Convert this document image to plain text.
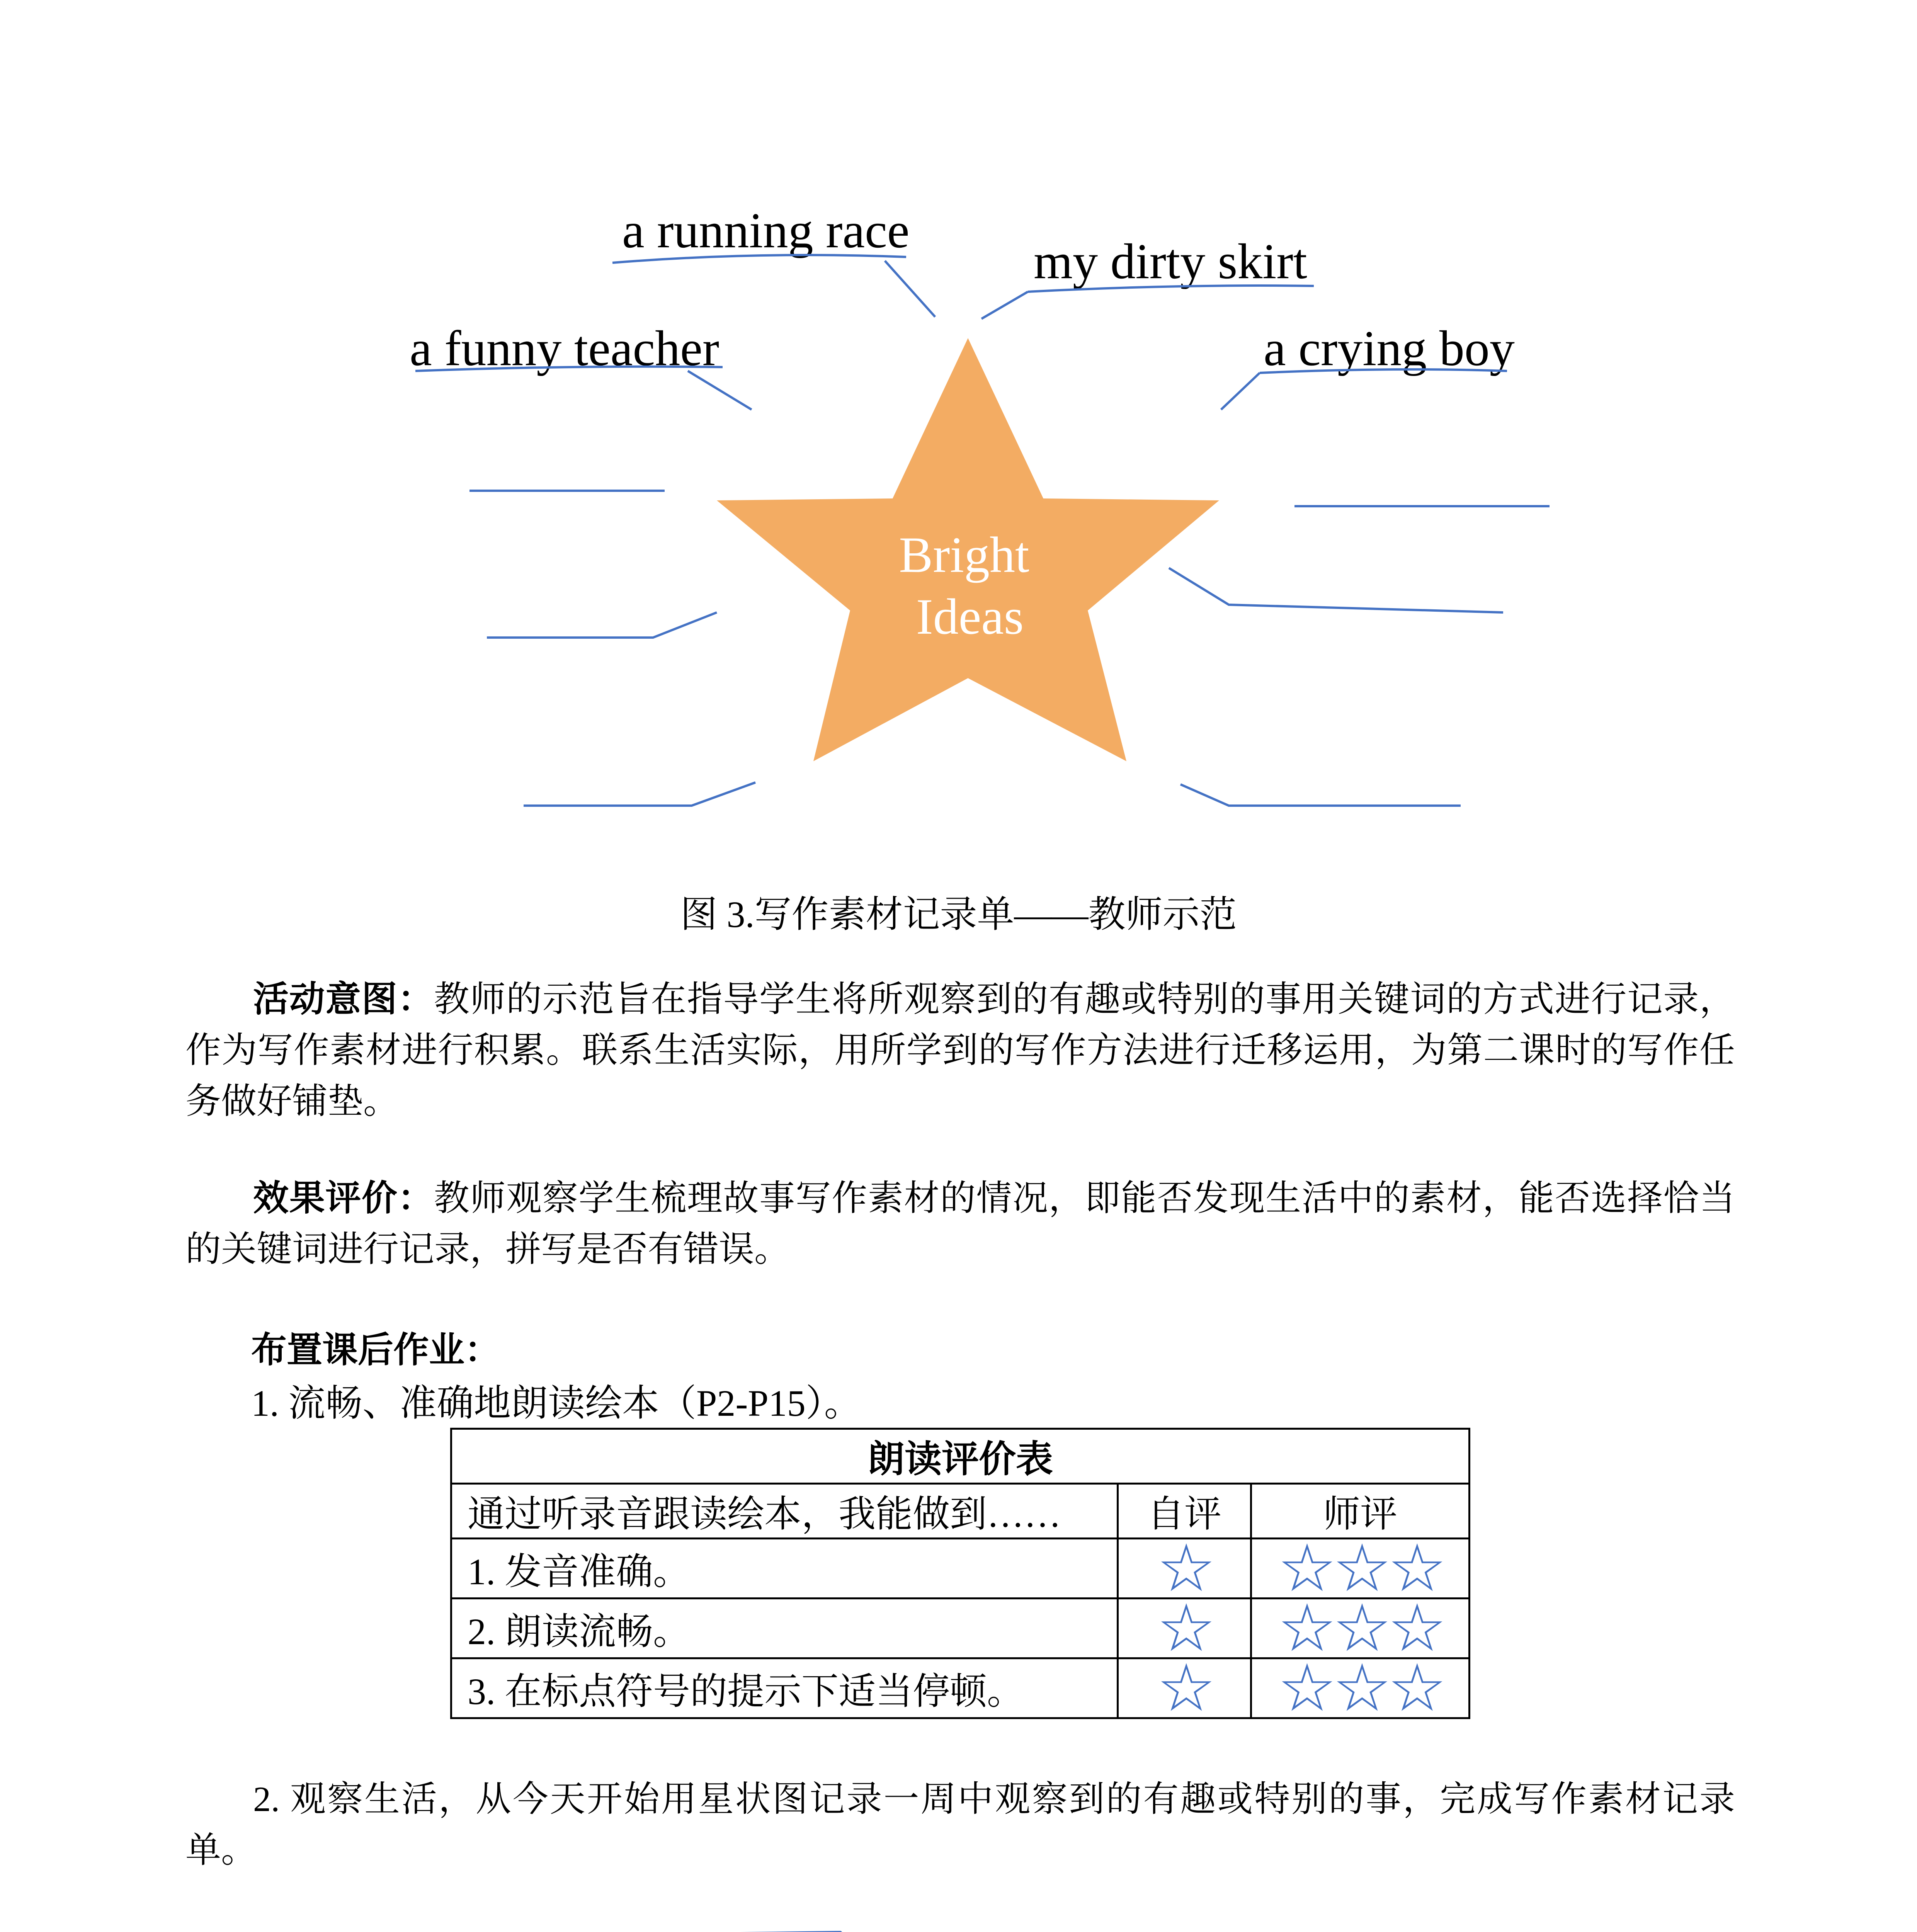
a running race
my dirty skirt
a funny teacher	a crying boy
Bright
Ideas
图 3.写作素材记录单——教师示范
活动意图：教师的示范旨在指导学生将所观察到的有趣或特别的事用关键词的方式进行记录，作为写作素材进行积累。联系生活实际，用所学到的写作方法进行迁移运用，为第二课时的写作任务做好铺垫。
效果评价：教师观察学生梳理故事写作素材的情况，即能否发现生活中的素材，能否选择恰当的关键词进行记录，拼写是否有错误。
布置课后作业：
1. 流畅、准确地朗读绘本（P2-P15）。
朗读评价表		
通过听录音跟读绘本，我能做到……	自评	师评
1. 发音准确。	☆	☆☆☆
2. 朗读流畅。	☆	☆☆☆
3. 在标点符号的提示下适当停顿。	☆	☆☆☆
2. 观察生活，从今天开始用星状图记录一周中观察到的有趣或特别的事，完成写作素材记录单。
